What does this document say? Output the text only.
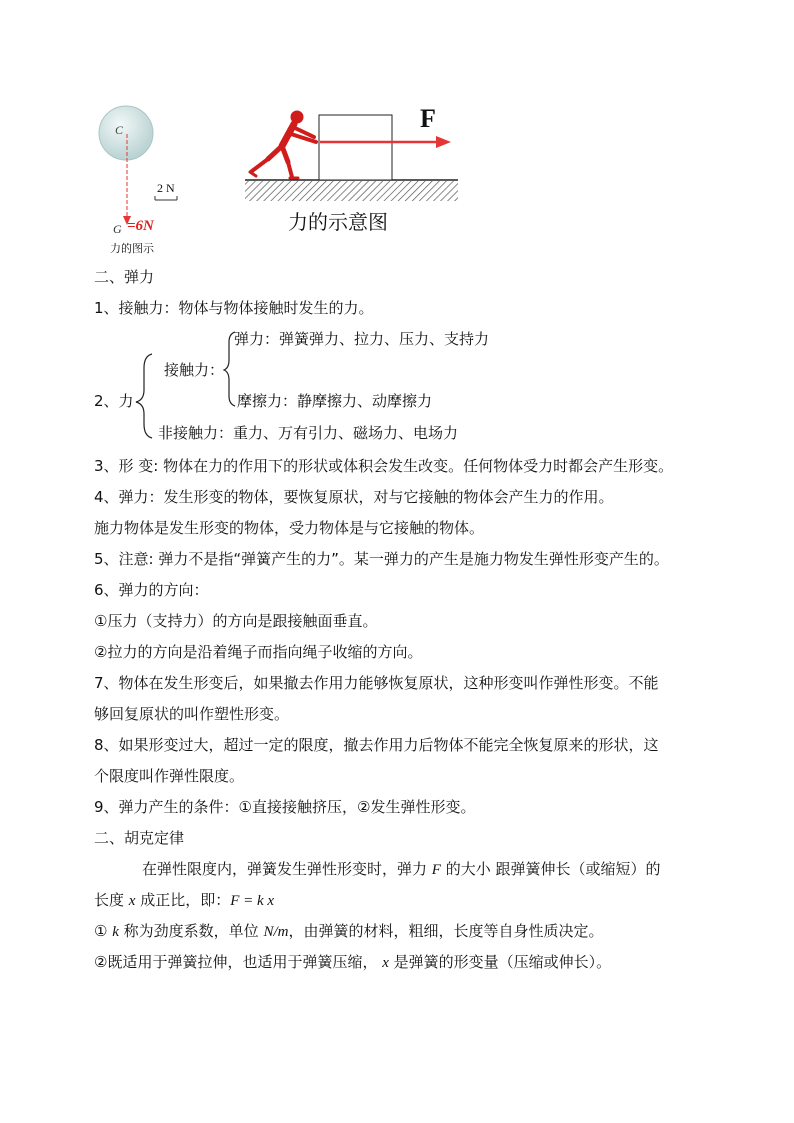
C
2 N
G =6N
力的图示
F
力的示意图
二、弹力
1、接触力：物体与物体接触时发生的力。
2、力
接触力：
弹力：弹簧弹力、拉力、压力、支持力
摩擦力：静摩擦力、动摩擦力
非接触力：重力、万有引力、磁场力、电场力
3、形 变: 物体在力的作用下的形状或体积会发生改变。任何物体受力时都会产生形变。
4、弹力：发生形变的物体，要恢复原状，对与它接触的物体会产生力的作用。
施力物体是发生形变的物体，受力物体是与它接触的物体。
5、注意: 弹力不是指“弹簧产生的力”。某一弹力的产生是施力物发生弹性形变产生的。
6、弹力的方向：
①压力（支持力）的方向是跟接触面垂直。
②拉力的方向是沿着绳子而指向绳子收缩的方向。
7、物体在发生形变后，如果撤去作用力能够恢复原状，这种形变叫作弹性形变。不能
够回复原状的叫作塑性形变。
8、如果形变过大，超过一定的限度，撤去作用力后物体不能完全恢复原来的形状，这
个限度叫作弹性限度。
9、弹力产生的条件：①直接接触挤压，②发生弹性形变。
二、胡克定律
在弹性限度内，弹簧发生弹性形变时，弹力 F 的大小 跟弹簧伸长（或缩短）的
长度 x 成正比，即：F = k x
① k 称为劲度系数，单位 N/m，由弹簧的材料，粗细，长度等自身性质决定。
②既适用于弹簧拉伸，也适用于弹簧压缩， x 是弹簧的形变量（压缩或伸长）。
